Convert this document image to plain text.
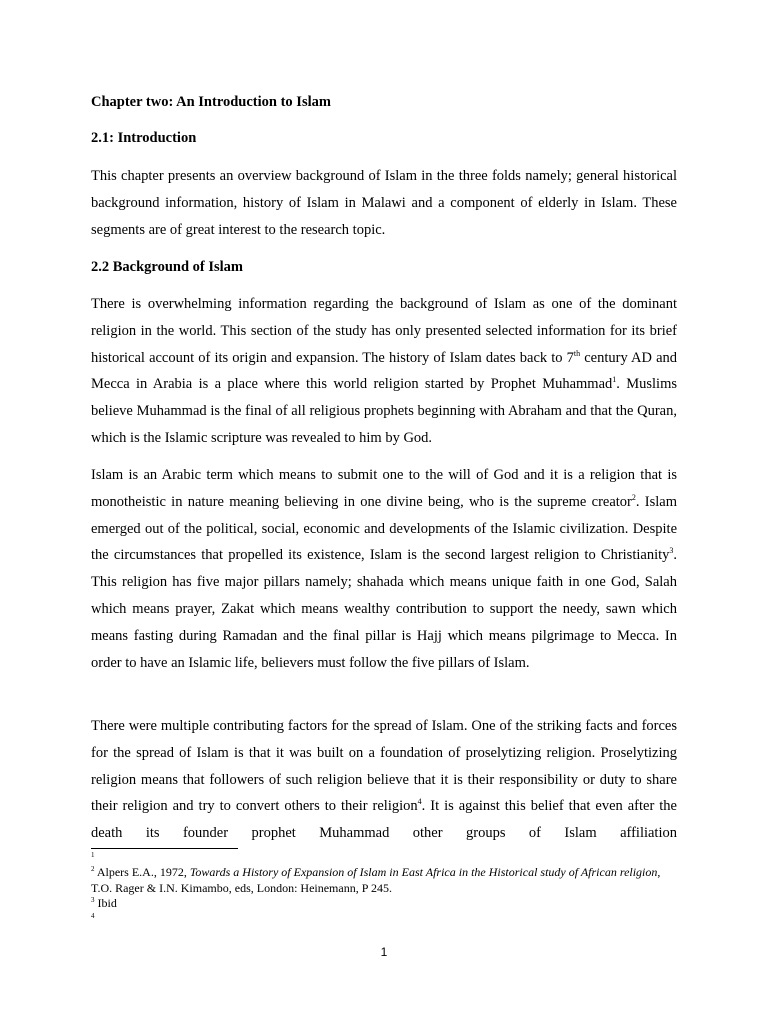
Chapter two: An Introduction to Islam
2.1: Introduction

This chapter presents an overview background of Islam in the three folds namely; general historical background information, history of Islam in Malawi and a component of elderly in Islam. These segments are of great interest to the research topic.

2.2 Background of Islam

There is overwhelming information regarding the background of Islam as one of the dominant religion in the world. This section of the study has only presented selected information for its brief historical account of its origin and expansion. The history of Islam dates back to 7th century AD and Mecca in Arabia is a place where this world religion started by Prophet Muhammad$^1$. Muslims believe Muhammad is the final of all religious prophets beginning with Abraham and that the Quran, which is the Islamic scripture was revealed to him by God.

Islam is an Arabic term which means to submit one to the will of God and it is a religion that is monotheistic in nature meaning believing in one divine being, who is the supreme creator$^2$. Islam emerged out of the political, social, economic and developments of the Islamic civilization. Despite the circumstances that propelled its existence, Islam is the second largest religion to Christianity$^3$. This religion has five major pillars namely; shahada which means unique faith in one God, Salah which means prayer, Zakat which means wealthy contribution to support the needy, sawn which means fasting during Ramadan and the final pillar is Hajj which means pilgrimage to Mecca. In order to have an Islamic life, believers must follow the five pillars of Islam.

There were multiple contributing factors for the spread of Islam. One of the striking facts and forces for the spread of Islam is that it was built on a foundation of proselytizing religion. Proselytizing religion means that followers of such religion believe that it is their responsibility or duty to share their religion and try to convert others to their religion$^4$. It is against this belief that even after the death its founder prophet Muhammad other groups of Islam affiliation

$^1$
$^2$ Alpers E.A., 1972, Towards a History of Expansion of Islam in East Africa in the Historical study of African religion, T.O. Rager & I.N. Kimambo, eds, London: Heinemann, P 245.
$^3$ Ibid
$^4$
1
